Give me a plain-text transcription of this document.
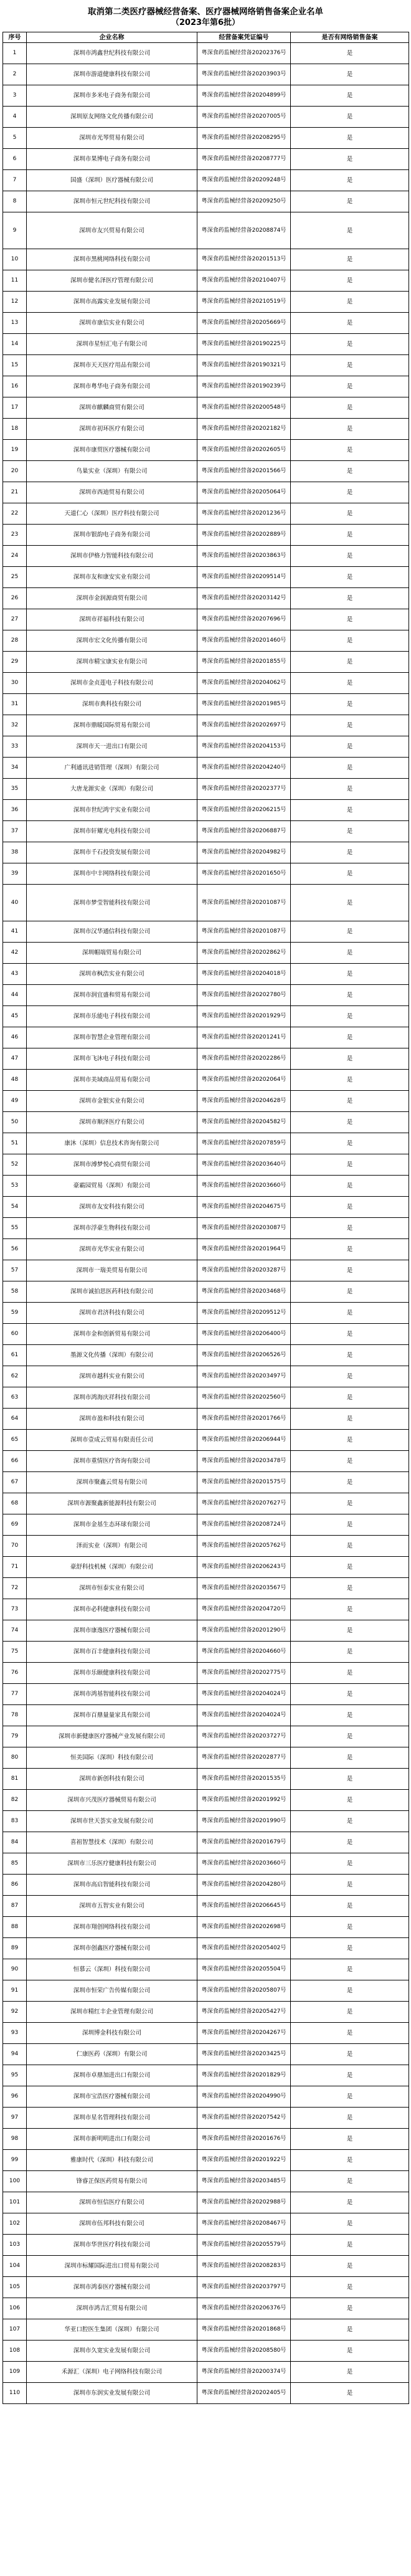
取消第二类医疗器械经营备案、医疗器械网络销售备案企业名单

（2023年第6批）

序号	企业名称	经营备案凭证编号	是否有网络销售备案
1	深圳市鸿鑫世纪科技有限公司	粤深食药监械经营备20202376号	是
2	深圳市游道健康科技有限公司	粤深食药监械经营备20203903号	是
3	深圳市多米电子商务有限公司	粤深食药监械经营备20204899号	是
4	深圳原友网络文化传播有限公司	粤深食药监械经营备20207005号	是
5	深圳市光琴贸易有限公司	粤深食药监械经营备20208295号	是
6	深圳市果博电子商务有限公司	粤深食药监械经营备20208777号	是
7	国盛（深圳）医疗器械有限公司	粤深食药监械经营备20209248号	是
8	深圳市恒元世纪科技有限公司	粤深食药监械经营备20209250号	是
9	深圳市友兴贸易有限公司	粤深食药监械经营备20208874号	是
10	深圳市黑桃网络科技有限公司	粤深食药监械经营备20201513号	是
11	深圳市健名泽医疗管理有限公司	粤深食药监械经营备20210407号	是
12	深圳市高露实业发展有限公司	粤深食药监械经营备20210519号	是
13	深圳市康信实业有限公司	粤深食药监械经营备20205669号	是
14	深圳市星恒汇电子有限公司	粤深食药监械经营备20190225号	是
15	深圳市天天医疗用品有限公司	粤深食药监械经营备20190321号	是
16	深圳市粤华电子商务有限公司	粤深食药监械经营备20190239号	是
17	深圳市麒麟商贸有限公司	粤深食药监械经营备20200548号	是
18	深圳市初环医疗有限公司	粤深食药监械经营备20202182号	是
19	深圳市康贸医疗器械有限公司	粤深食药监械经营备20202605号	是
20	鸟巢实业（深圳）有限公司	粤深食药监械经营备20201566号	是
21	深圳市西迪贸易有限公司	粤深食药监械经营备20205064号	是
22	天道仁心（深圳）医疗科技有限公司	粤深食药监械经营备20201236号	是
23	深圳市银韵电子商务有限公司	粤深食药监械经营备20202889号	是
24	深圳市伊格力智能科技有限公司	粤深食药监械经营备20203863号	是
25	深圳市友和康安实业有限公司	粤深食药监械经营备20209514号	是
26	深圳市金润源商贸有限公司	粤深食药监械经营备20203142号	是
27	深圳市祥福科技有限公司	粤深食药监械经营备20207696号	是
28	深圳市宏文化传播有限公司	粤深食药监械经营备20201460号	是
29	深圳市精宝康实业有限公司	粤深食药监械经营备20201855号	是
30	深圳市金贞莲电子科技有限公司	粤深食药监械经营备20204062号	是
31	深圳市典科技有限公司	粤深食药监械经营备20201985号	是
32	深圳市鼎暖国际贸易有限公司	粤深食药监械经营备20202697号	是
33	深圳市天一进出口有限公司	粤深食药监械经营备20204153号	是
34	广利通讯进销管理（深圳）有限公司	粤深食药监械经营备20204240号	是
35	大唐龙源实业（深圳）有限公司	粤深食药监械经营备20202377号	是
36	深圳市世纪鸿宇实业有限公司	粤深食药监械经营备20206215号	是
37	深圳市轩耀光电科技有限公司	粤深食药监械经营备20206887号	是
38	深圳市千石投资发展有限公司	粤深食药监械经营备20204982号	是
39	深圳市中丰网络科技有限公司	粤深食药监械经营备20201650号	是
40	深圳市梦莹智能科技有限公司	粤深食药监械经营备20201087号	是
41	深圳市汉华通信科技有限公司	粤深食药监械经营备20201087号	是
42	深圳帽端贸易有限公司	粤深食药监械经营备20202862号	是
43	深圳市枫浩实业有限公司	粤深食药监械经营备20204018号	是
44	深圳市润宜盛和贸易有限公司	粤深食药监械经营备20202780号	是
45	深圳市乐能电子科技有限公司	粤深食药监械经营备20201929号	是
46	深圳市智慧企业管理有限公司	粤深食药监械经营备20201241号	是
47	深圳市飞沐电子科技有限公司	粤深食药监械经营备20202286号	是
48	深圳市美域商品贸易有限公司	粤深食药监械经营备20202064号	是
49	深圳市金银实业有限公司	粤深食药监械经营备20204628号	是
50	深圳市顺泽医疗有限公司	粤深食药监械经营备20204582号	是
51	康沐（深圳）信息技术咨询有限公司	粤深食药监械经营备20207859号	是
52	深圳市溥梦悦心商贸有限公司	粤深食药监械经营备20203640号	是
53	豪霸园贸易（深圳）有限公司	粤深食药监械经营备20203660号	是
54	深圳市友安科技有限公司	粤深食药监械经营备20204675号	是
55	深圳市浮豪生物科技有限公司	粤深食药监械经营备20203087号	是
56	深圳市光华实业有限公司	粤深食药监械经营备20201964号	是
57	深圳市一瑞美贸易有限公司	粤深食药监械经营备20203287号	是
58	深圳市诚拍思医药科技有限公司	粤深食药监械经营备20203468号	是
59	深圳市君济科技有限公司	粤深食药监械经营备20209512号	是
60	深圳市金和创新贸易有限公司	粤深食药监械经营备20206400号	是
61	墨源文化传播（深圳）有限公司	粤深食药监械经营备20206526号	是
62	深圳市越科实业有限公司	粤深食药监械经营备20203497号	是
63	深圳市鸿海庆祥科技有限公司	粤深食药监械经营备20202560号	是
64	深圳市盈和科技有限公司	粤深食药监械经营备20201766号	是
65	深圳市壹成云贸易有限责任公司	粤深食药监械经营备20206944号	是
66	深圳市重情医疗咨询有限公司	粤深食药监械经营备20203478号	是
67	深圳市聚鑫云贸易有限公司	粤深食药监械经营备20201575号	是
68	深圳市源聚鑫新能源科技有限公司	粤深食药监械经营备20207627号	是
69	深圳市金基生态环球有限公司	粤深食药监械经营备20208724号	是
70	泽而实业（深圳）有限公司	粤深食药监械经营备20205762号	是
71	豪舒科技机械（深圳）有限公司	粤深食药监械经营备20206243号	是
72	深圳市恒泰实业有限公司	粤深食药监械经营备20203567号	是
73	深圳市必科健康科技有限公司	粤深食药监械经营备20204720号	是
74	深圳市康逸医疗器械有限公司	粤深食药监械经营备20201290号	是
75	深圳市百丰健康科技有限公司	粤深食药监械经营备20204660号	是
76	深圳市乐颐健康科技有限公司	粤深食药监械经营备20202775号	是
77	深圳市鸿基智能科技有限公司	粤深食药监械经营备20204024号	是
78	深圳市百鼎量量家具有限公司	粤深食药监械经营备20204024号	是
79	深圳市新健康医疗器械产业发展有限公司	粤深食药监械经营备20203727号	是
80	恒美国际（深圳）科技有限公司	粤深食药监械经营备20202877号	是
81	深圳市新创科技有限公司	粤深食药监械经营备20201535号	是
82	深圳市兴茂医疗器械贸易有限公司	粤深食药监械经营备20201992号	是
83	深圳市世天荟实业发展有限公司	粤深食药监械经营备20201990号	是
84	喜祖智慧技术（深圳）有限公司	粤深食药监械经营备20201679号	是
85	深圳市三乐医疗健康科技有限公司	粤深食药监械经营备20203660号	是
86	深圳市高启智能科技有限公司	粤深食药监械经营备20204280号	是
87	深圳市五智实业有限公司	粤深食药监械经营备20206645号	是
88	深圳市翔创网络科技有限公司	粤深食药监械经营备20202698号	是
89	深圳市创鑫医疗器械有限公司	粤深食药监械经营备20205402号	是
90	恒慕云（深圳）科技有限公司	粤深食药监械经营备20205504号	是
91	深圳市恒荣广告传媒有限公司	粤深食药监械经营备20205807号	是
92	深圳市精红丰企业管理有限公司	粤深食药监械经营备20205427号	是
93	深圳博金科技有限公司	粤深食药监械经营备20204267号	是
94	仁康医药（深圳）有限公司	粤深食药监械经营备20203425号	是
95	深圳市卓鼎加进出口有限公司	粤深食药监械经营备20201829号	是
96	深圳市宝浩医疗器械有限公司	粤深食药监械经营备20204990号	是
97	深圳市星名管理科技有限公司	粤深食药监械经营备20207542号	是
98	深圳市新明明进出口有限公司	粤深食药监械经营备20201676号	是
99	雅康时代（深圳）科技有限公司	粤深食药监械经营备20201922号	是
100	锋睿芷保医药贸易有限公司	粤深食药监械经营备20203485号	是
101	深圳市恒信医疗有限公司	粤深食药监械经营备20202988号	是
102	深圳市伍邦科技有限公司	粤深食药监械经营备20208467号	是
103	深圳市华世医疗科技有限公司	粤深食药监械经营备20205579号	是
104	深圳市标耀国际进出口贸易有限公司	粤深食药监械经营备20208283号	是
105	深圳市鸿泰医疗器械有限公司	粤深食药监械经营备20203797号	是
106	深圳市鸿吉汇贸易有限公司	粤深食药监械经营备20206376号	是
107	华亚口腔医生集团（深圳）有限公司	粤深食药监械经营备20201868号	是
108	深圳市久宽实业发展有限公司	粤深食药监械经营备20208580号	是
109	禾源汇（深圳）电子网络科技有限公司	粤深食药监械经营备20200374号	是
110	深圳市东润实业发展有限公司	粤深食药监械经营备20202405号	是
